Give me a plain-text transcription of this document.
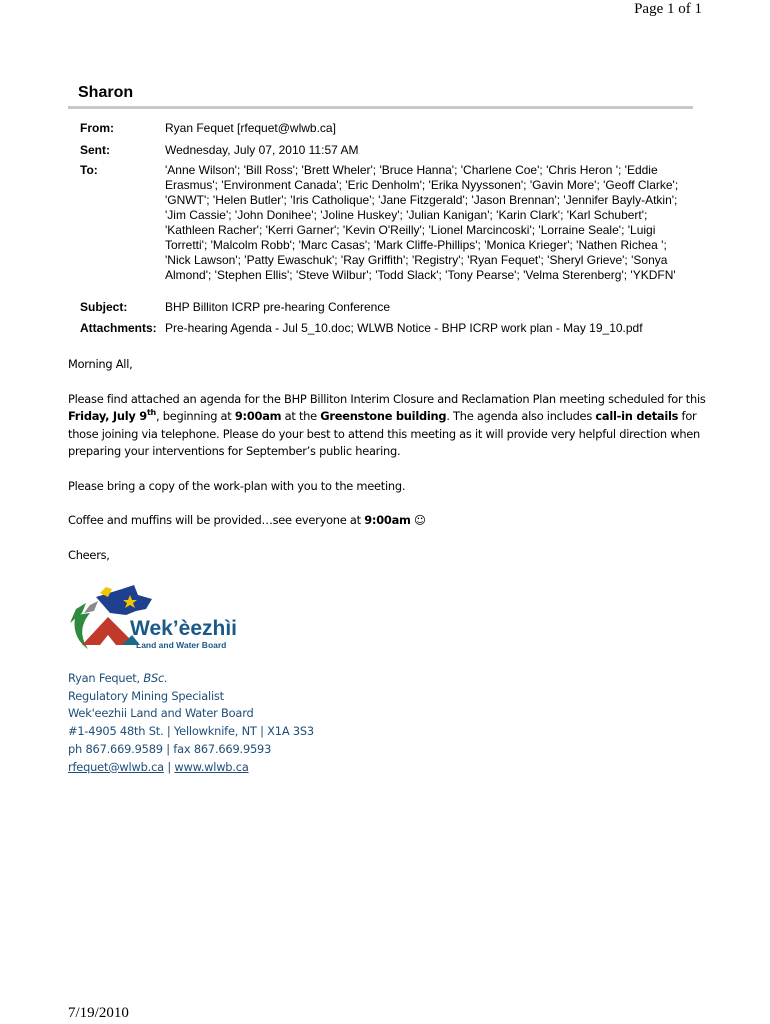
Page 1 of 1
Sharon
From:	Ryan Fequet [rfequet@wlwb.ca]
Sent:	Wednesday, July 07, 2010 11:57 AM
To:	'Anne Wilson'; 'Bill Ross'; 'Brett Wheler'; 'Bruce Hanna'; 'Charlene Coe'; 'Chris Heron '; 'Eddie Erasmus'; 'Environment Canada'; 'Eric Denholm'; 'Erika Nyyssonen'; 'Gavin More'; 'Geoff Clarke'; 'GNWT'; 'Helen Butler'; 'Iris Catholique'; 'Jane Fitzgerald'; 'Jason Brennan'; 'Jennifer Bayly-Atkin'; 'Jim Cassie'; 'John Donihee'; 'Joline Huskey'; 'Julian Kanigan'; 'Karin Clark'; 'Karl Schubert'; 'Kathleen Racher'; 'Kerri Garner'; 'Kevin O'Reilly'; 'Lionel Marcincoski'; 'Lorraine Seale'; 'Luigi Torretti'; 'Malcolm Robb'; 'Marc Casas'; 'Mark Cliffe-Phillips'; 'Monica Krieger'; 'Nathen Richea '; 'Nick Lawson'; 'Patty Ewaschuk'; 'Ray Griffith'; 'Registry'; 'Ryan Fequet'; 'Sheryl Grieve'; 'Sonya Almond'; 'Stephen Ellis'; 'Steve Wilbur'; 'Todd Slack'; 'Tony Pearse'; 'Velma Sterenberg'; 'YKDFN'
Subject:	BHP Billiton ICRP pre-hearing Conference
Attachments: Pre-hearing Agenda - Jul 5_10.doc; WLWB Notice - BHP ICRP work plan - May 19_10.pdf

Morning All,

Please find attached an agenda for the BHP Billiton Interim Closure and Reclamation Plan meeting scheduled for this Friday, July 9th, beginning at 9:00am at the Greenstone building. The agenda also includes call-in details for those joining via telephone. Please do your best to attend this meeting as it will provide very helpful direction when preparing your interventions for September’s public hearing.

Please bring a copy of the work-plan with you to the meeting.

Coffee and muffins will be provided…see everyone at 9:00am ☺

Cheers,

Wek’èezhìi
Land and Water Board
Ryan Fequet, BSc.
Regulatory Mining Specialist
Wek'eezhii Land and Water Board
#1-4905 48th St. | Yellowknife, NT | X1A 3S3
ph 867.669.9589 | fax 867.669.9593
rfequet@wlwb.ca | www.wlwb.ca
7/19/2010
